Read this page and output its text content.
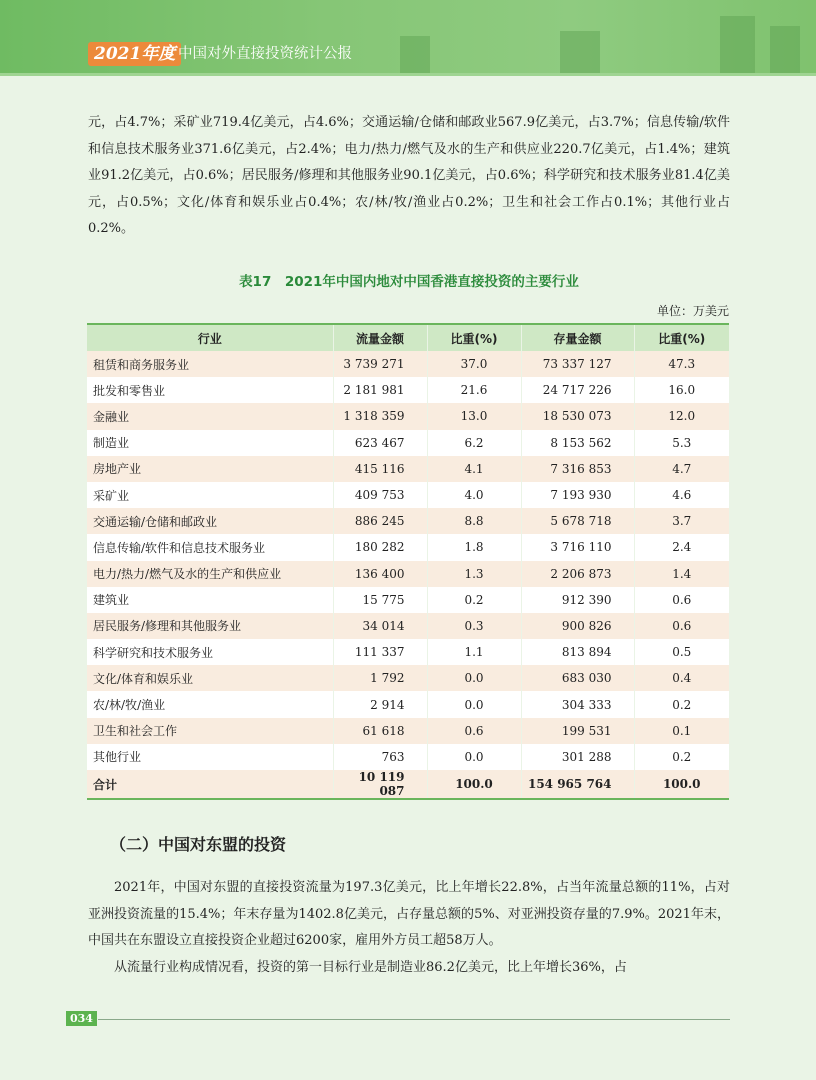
2021年度 中国对外直接投资统计公报

元，占4.7%；采矿业719.4亿美元，占4.6%；交通运输/仓储和邮政业567.9亿美元，占3.7%；信息传输/软件和信息技术服务业371.6亿美元，占2.4%；电力/热力/燃气及水的生产和供应业220.7亿美元，占1.4%；建筑业91.2亿美元，占0.6%；居民服务/修理和其他服务业90.1亿美元，占0.6%；科学研究和技术服务业81.4亿美元，占0.5%；文化/体育和娱乐业占0.4%；农/林/牧/渔业占0.2%；卫生和社会工作占0.1%；其他行业占0.2%。

表17　2021年中国内地对中国香港直接投资的主要行业
单位：万美元
行业	流量金额	比重(%)	存量金额	比重(%)
租赁和商务服务业	3 739 271	37.0	73 337 127	47.3
批发和零售业	2 181 981	21.6	24 717 226	16.0
金融业	1 318 359	13.0	18 530 073	12.0
制造业	623 467	6.2	8 153 562	5.3
房地产业	415 116	4.1	7 316 853	4.7
采矿业	409 753	4.0	7 193 930	4.6
交通运输/仓储和邮政业	886 245	8.8	5 678 718	3.7
信息传输/软件和信息技术服务业	180 282	1.8	3 716 110	2.4
电力/热力/燃气及水的生产和供应业	136 400	1.3	2 206 873	1.4
建筑业	15 775	0.2	912 390	0.6
居民服务/修理和其他服务业	34 014	0.3	900 826	0.6
科学研究和技术服务业	111 337	1.1	813 894	0.5
文化/体育和娱乐业	1 792	0.0	683 030	0.4
农/林/牧/渔业	2 914	0.0	304 333	0.2
卫生和社会工作	61 618	0.6	199 531	0.1
其他行业	763	0.0	301 288	0.2
合计	10 119 087	100.0	154 965 764	100.0
（二）中国对东盟的投资

2021年，中国对东盟的直接投资流量为197.3亿美元，比上年增长22.8%，占当年流量总额的11%，占对亚洲投资流量的15.4%；年末存量为1402.8亿美元，占存量总额的5%、对亚洲投资存量的7.9%。2021年末，中国共在东盟设立直接投资企业超过6200家，雇用外方员工超58万人。

从流量行业构成情况看，投资的第一目标行业是制造业86.2亿美元，比上年增长36%，占

034
